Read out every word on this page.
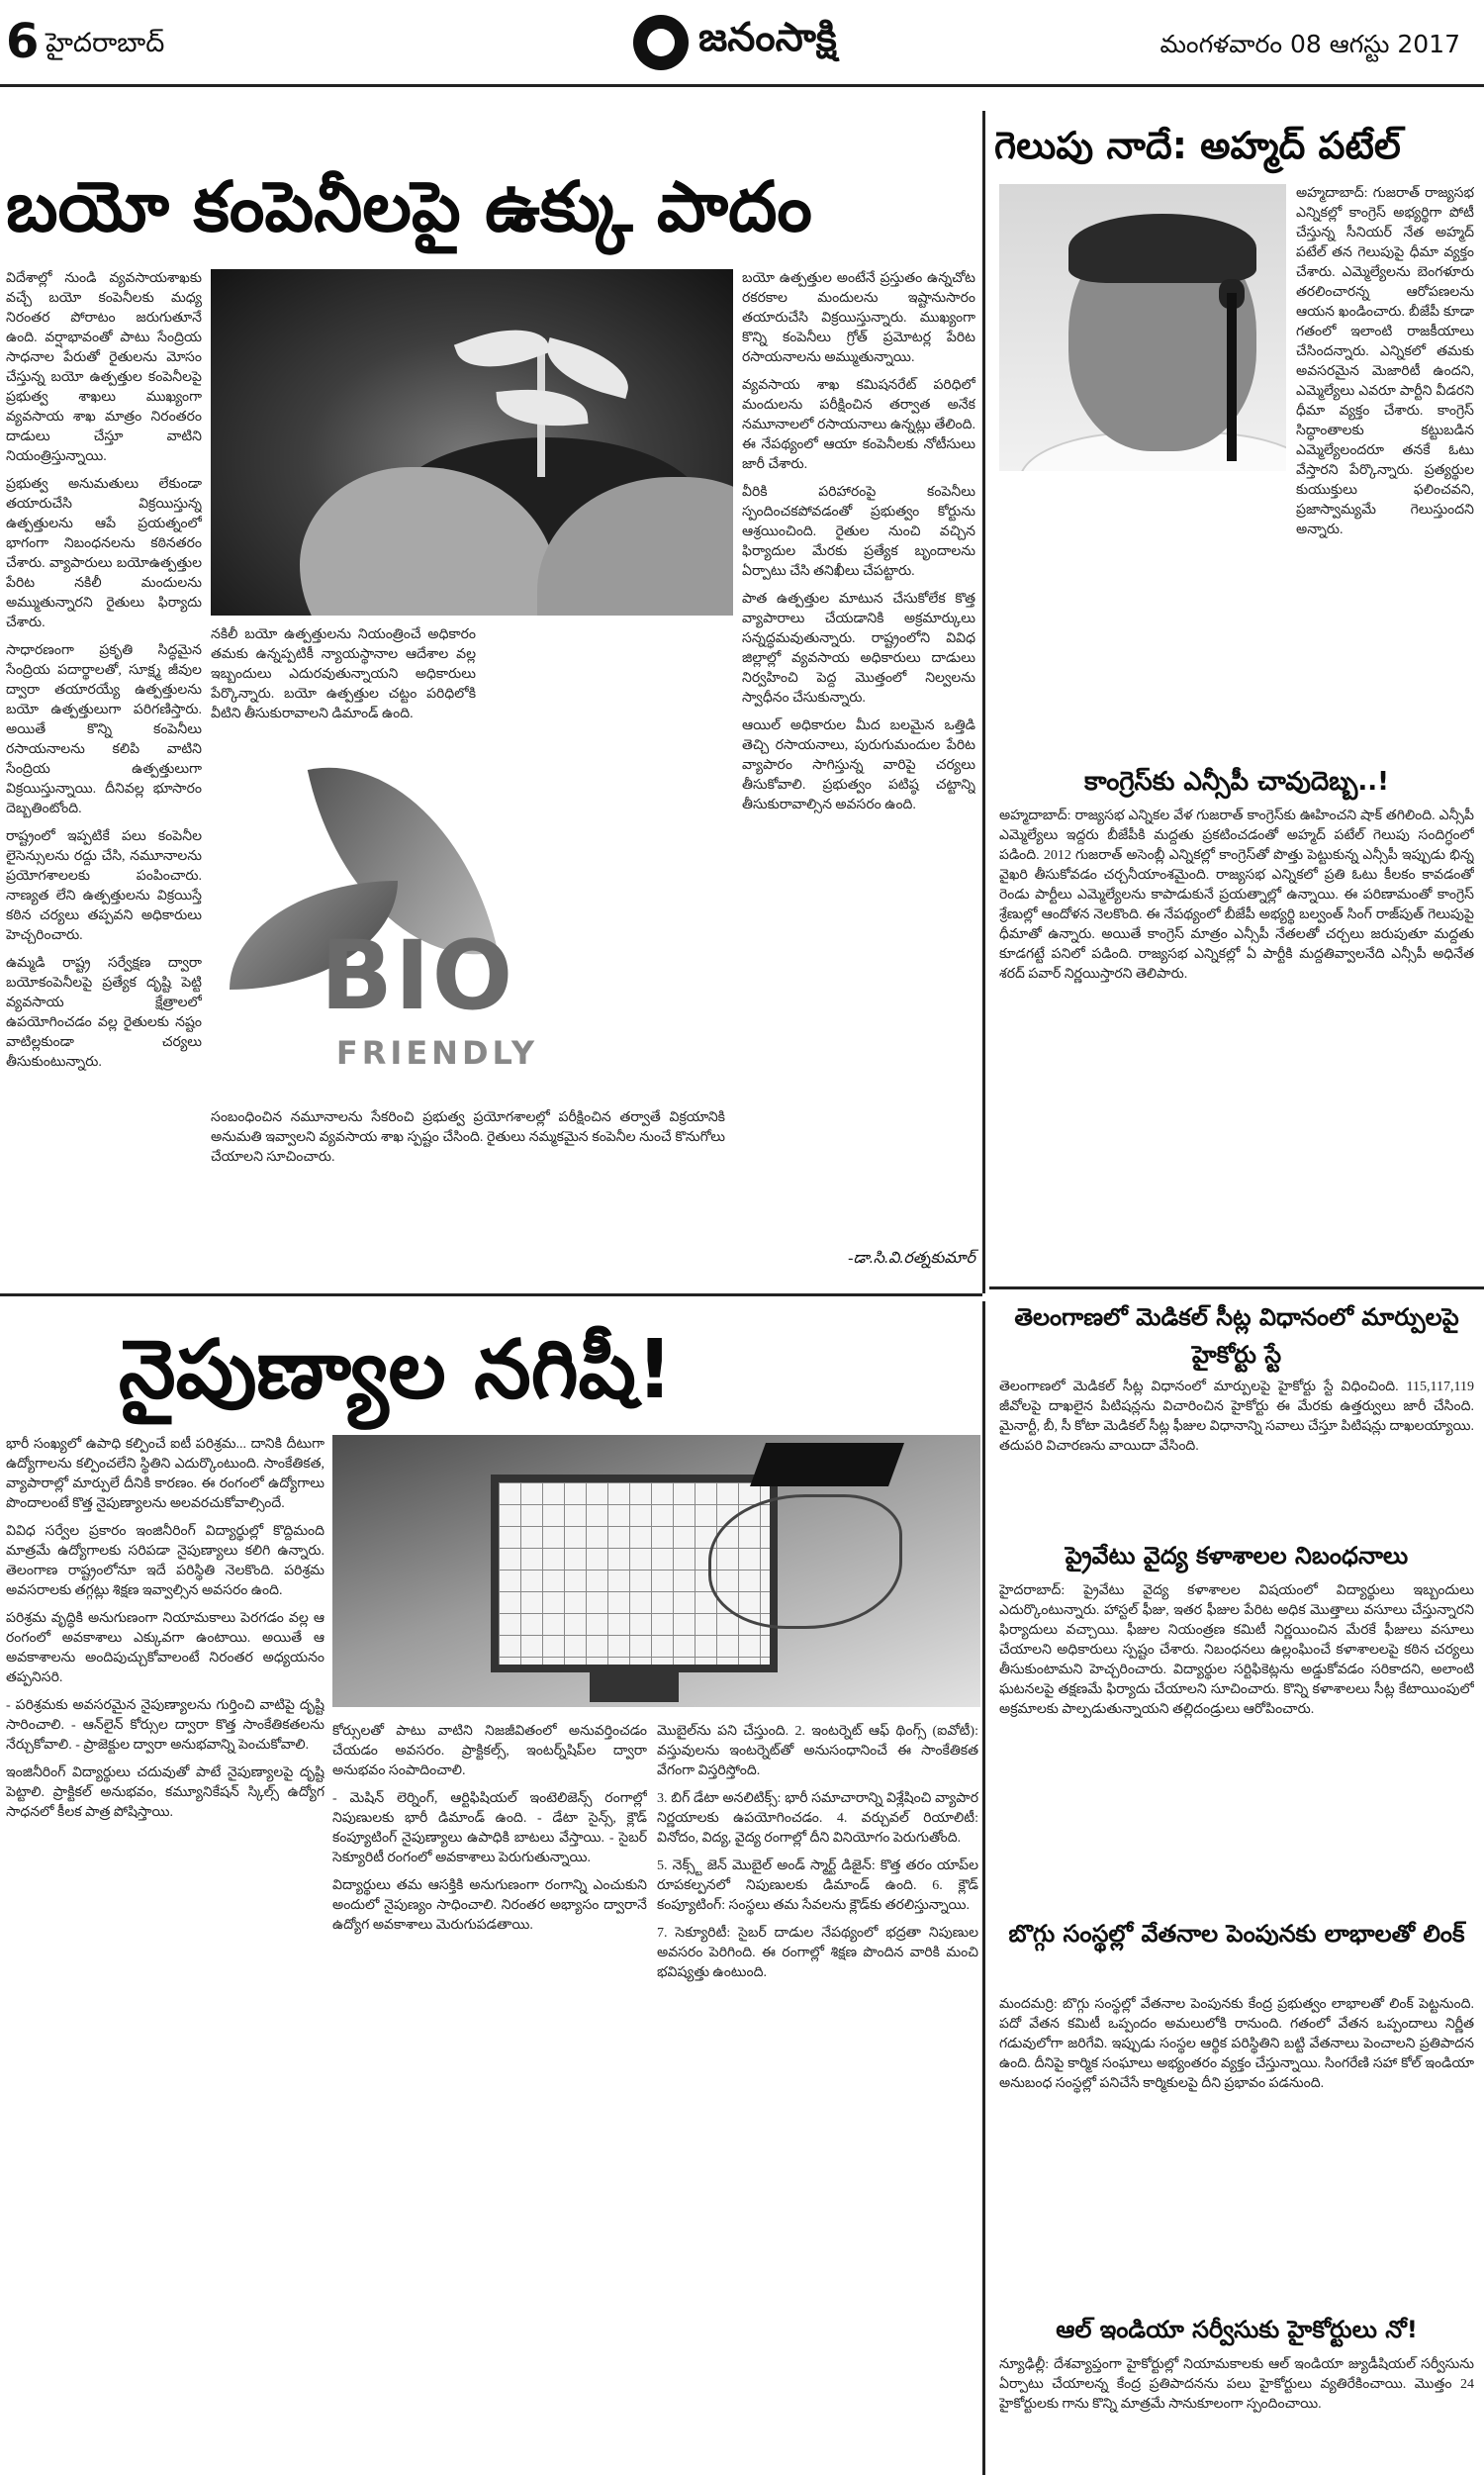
6 హైదరాబాద్	జనంసాక్షి	మంగళవారం 08 ఆగస్టు 2017
బయో కంపెనీలపై ఉక్కు పాదం

విదేశాల్లో నుండి వ్యవసాయశాఖకు వచ్చే బయో కంపెనీలకు మధ్య నిరంతర పోరాటం జరుగుతూనే ఉంది. వర్షాభావంతో పాటు సేంద్రియ సాధనాల పేరుతో రైతులను మోసం చేస్తున్న బయో ఉత్పత్తుల కంపెనీలపై ప్రభుత్వ శాఖలు ముఖ్యంగా వ్యవసాయ శాఖ మాత్రం నిరంతరం దాడులు చేస్తూ వాటిని నియంత్రిస్తున్నాయి.

ప్రభుత్వ అనుమతులు లేకుండా తయారుచేసి విక్రయిస్తున్న ఉత్పత్తులను ఆపే ప్రయత్నంలో భాగంగా నిబంధనలను కఠినతరం చేశారు. వ్యాపారులు బయోఉత్పత్తుల పేరిట నకిలీ మందులను అమ్ముతున్నారని రైతులు ఫిర్యాదు చేశారు.

సాధారణంగా ప్రకృతి సిద్ధమైన సేంద్రియ పదార్థాలతో, సూక్ష్మ జీవుల ద్వారా తయారయ్యే ఉత్పత్తులను బయో ఉత్పత్తులుగా పరిగణిస్తారు. అయితే కొన్ని కంపెనీలు రసాయనాలను కలిపి వాటిని సేంద్రియ ఉత్పత్తులుగా విక్రయిస్తున్నాయి. దీనివల్ల భూసారం దెబ్బతింటోంది.

రాష్ట్రంలో ఇప్పటికే పలు కంపెనీల లైసెన్సులను రద్దు చేసి, నమూనాలను ప్రయోగశాలలకు పంపించారు. నాణ్యత లేని ఉత్పత్తులను విక్రయిస్తే కఠిన చర్యలు తప్పవని అధికారులు హెచ్చరించారు.

ఉమ్మడి రాష్ట్ర సర్వేక్షణ ద్వారా బయోకంపెనీలపై ప్రత్యేక దృష్టి పెట్టి వ్యవసాయ క్షేత్రాలలో ఉపయోగించడం వల్ల రైతులకు నష్టం వాటిల్లకుండా చర్యలు తీసుకుంటున్నారు.

నకిలీ బయో ఉత్పత్తులను నియంత్రించే అధికారం తమకు ఉన్నప్పటికీ న్యాయస్థానాల ఆదేశాల వల్ల ఇబ్బందులు ఎదురవుతున్నాయని అధికారులు పేర్కొన్నారు. బయో ఉత్పత్తుల చట్టం పరిధిలోకి వీటిని తీసుకురావాలని డిమాండ్ ఉంది.

BIO
FRIENDLY

సంబంధించిన నమూనాలను సేకరించి ప్రభుత్వ ప్రయోగశాలల్లో పరీక్షించిన తర్వాతే విక్రయానికి అనుమతి ఇవ్వాలని వ్యవసాయ శాఖ స్పష్టం చేసింది. రైతులు నమ్మకమైన కంపెనీల నుంచే కొనుగోలు చేయాలని సూచించారు.

బయో ఉత్పత్తుల అంటేనే ప్రస్తుతం ఉన్నచోట రకరకాల మందులను ఇష్టానుసారం తయారుచేసి విక్రయిస్తున్నారు. ముఖ్యంగా కొన్ని కంపెనీలు గ్రోత్ ప్రమోటర్ల పేరిట రసాయనాలను అమ్ముతున్నాయి.

వ్యవసాయ శాఖ కమిషనరేట్ పరిధిలో మందులను పరీక్షించిన తర్వాత అనేక నమూనాలలో రసాయనాలు ఉన్నట్లు తేలింది. ఈ నేపథ్యంలో ఆయా కంపెనీలకు నోటీసులు జారీ చేశారు.

వీరికి పరిహారంపై కంపెనీలు స్పందించకపోవడంతో ప్రభుత్వం కోర్టును ఆశ్రయించింది. రైతుల నుంచి వచ్చిన ఫిర్యాదుల మేరకు ప్రత్యేక బృందాలను ఏర్పాటు చేసి తనిఖీలు చేపట్టారు.

పాత ఉత్పత్తుల మాటున చేసుకోలేక కొత్త వ్యాపారాలు చేయడానికి అక్రమార్కులు సన్నద్ధమవుతున్నారు. రాష్ట్రంలోని వివిధ జిల్లాల్లో వ్యవసాయ అధికారులు దాడులు నిర్వహించి పెద్ద మొత్తంలో నిల్వలను స్వాధీనం చేసుకున్నారు.

ఆయిల్ అధికారుల మీద బలమైన ఒత్తిడి తెచ్చి రసాయనాలు, పురుగుమందుల పేరిట వ్యాపారం సాగిస్తున్న వారిపై చర్యలు తీసుకోవాలి. ప్రభుత్వం పటిష్ఠ చట్టాన్ని తీసుకురావాల్సిన అవసరం ఉంది.

-డా.సి.వి.రత్నకుమార్
గెలుపు నాదే: అహ్మద్ పటేల్

అహ్మదాబాద్: గుజరాత్ రాజ్యసభ ఎన్నికల్లో కాంగ్రెస్ అభ్యర్థిగా పోటీ చేస్తున్న సీనియర్ నేత అహ్మద్ పటేల్ తన గెలుపుపై ధీమా వ్యక్తం చేశారు. ఎమ్మెల్యేలను బెంగళూరు తరలించారన్న ఆరోపణలను ఆయన ఖండించారు. బీజేపీ కూడా గతంలో ఇలాంటి రాజకీయాలు చేసిందన్నారు. ఎన్నికలో తమకు అవసరమైన మెజారిటీ ఉందని, ఎమ్మెల్యేలు ఎవరూ పార్టీని వీడరని ధీమా వ్యక్తం చేశారు. కాంగ్రెస్ సిద్ధాంతాలకు కట్టుబడిన ఎమ్మెల్యేలందరూ తనకే ఓటు వేస్తారని పేర్కొన్నారు. ప్రత్యర్థుల కుయుక్తులు ఫలించవని, ప్రజాస్వామ్యమే గెలుస్తుందని అన్నారు.

కాంగ్రెస్‌కు ఎన్సీపీ చావుదెబ్బ..!

అహ్మదాబాద్: రాజ్యసభ ఎన్నికల వేళ గుజరాత్ కాంగ్రెస్‌కు ఊహించని షాక్ తగిలింది. ఎన్సీపీ ఎమ్మెల్యేలు ఇద్దరు బీజేపీకి మద్దతు ప్రకటించడంతో అహ్మద్ పటేల్ గెలుపు సందిగ్ధంలో పడింది. 2012 గుజరాత్ అసెంబ్లీ ఎన్నికల్లో కాంగ్రెస్‌తో పొత్తు పెట్టుకున్న ఎన్సీపీ ఇప్పుడు భిన్న వైఖరి తీసుకోవడం చర్చనీయాంశమైంది. రాజ్యసభ ఎన్నికలో ప్రతి ఓటు కీలకం కావడంతో రెండు పార్టీలు ఎమ్మెల్యేలను కాపాడుకునే ప్రయత్నాల్లో ఉన్నాయి. ఈ పరిణామంతో కాంగ్రెస్ శ్రేణుల్లో ఆందోళన నెలకొంది. ఈ నేపథ్యంలో బీజేపీ అభ్యర్థి బల్వంత్ సింగ్ రాజ్‌పుత్ గెలుపుపై ధీమాతో ఉన్నారు. అయితే కాంగ్రెస్ మాత్రం ఎన్సీపీ నేతలతో చర్చలు జరుపుతూ మద్దతు కూడగట్టే పనిలో పడింది. రాజ్యసభ ఎన్నికల్లో ఏ పార్టీకి మద్దతివ్వాలనేది ఎన్సీపీ అధినేత శరద్ పవార్ నిర్ణయిస్తారని తెలిపారు.

నైపుణ్యాల నగిషీ!

భారీ సంఖ్యలో ఉపాధి కల్పించే ఐటీ పరిశ్రమ... దానికి దీటుగా ఉద్యోగాలను కల్పించలేని స్థితిని ఎదుర్కొంటుంది. సాంకేతికత, వ్యాపారాల్లో మార్పులే దీనికి కారణం. ఈ రంగంలో ఉద్యోగాలు పొందాలంటే కొత్త నైపుణ్యాలను అలవరచుకోవాల్సిందే.

వివిధ సర్వేల ప్రకారం ఇంజినీరింగ్ విద్యార్థుల్లో కొద్దిమంది మాత్రమే ఉద్యోగాలకు సరిపడా నైపుణ్యాలు కలిగి ఉన్నారు. తెలంగాణ రాష్ట్రంలోనూ ఇదే పరిస్థితి నెలకొంది. పరిశ్రమ అవసరాలకు తగ్గట్లు శిక్షణ ఇవ్వాల్సిన అవసరం ఉంది.

పరిశ్రమ వృద్ధికి అనుగుణంగా నియామకాలు పెరగడం వల్ల ఆ రంగంలో అవకాశాలు ఎక్కువగా ఉంటాయి. అయితే ఆ అవకాశాలను అందిపుచ్చుకోవాలంటే నిరంతర అధ్యయనం తప్పనిసరి.

- పరిశ్రమకు అవసరమైన నైపుణ్యాలను గుర్తించి వాటిపై దృష్టి సారించాలి. - ఆన్‌లైన్ కోర్సుల ద్వారా కొత్త సాంకేతికతలను నేర్చుకోవాలి. - ప్రాజెక్టుల ద్వారా అనుభవాన్ని పెంచుకోవాలి.

ఇంజినీరింగ్ విద్యార్థులు చదువుతో పాటే నైపుణ్యాలపై దృష్టి పెట్టాలి. ప్రాక్టికల్ అనుభవం, కమ్యూనికేషన్ స్కిల్స్ ఉద్యోగ సాధనలో కీలక పాత్ర పోషిస్తాయి.

కోర్సులతో పాటు వాటిని నిజజీవితంలో అనువర్తించడం చేయడం అవసరం. ప్రాక్టికల్స్, ఇంటర్న్‌షిప్‌ల ద్వారా అనుభవం సంపాదించాలి.

- మెషిన్ లెర్నింగ్, ఆర్టిఫిషియల్ ఇంటెలిజెన్స్ రంగాల్లో నిపుణులకు భారీ డిమాండ్ ఉంది. - డేటా సైన్స్, క్లౌడ్ కంప్యూటింగ్ నైపుణ్యాలు ఉపాధికి బాటలు వేస్తాయి. - సైబర్ సెక్యూరిటీ రంగంలో అవకాశాలు పెరుగుతున్నాయి.

విద్యార్థులు తమ ఆసక్తికి అనుగుణంగా రంగాన్ని ఎంచుకుని అందులో నైపుణ్యం సాధించాలి. నిరంతర అభ్యాసం ద్వారానే ఉద్యోగ అవకాశాలు మెరుగుపడతాయి.

మొబైల్‌ను పని చేస్తుంది. 2. ఇంటర్నెట్ ఆఫ్ థింగ్స్ (ఐవోటీ): వస్తువులను ఇంటర్నెట్‌తో అనుసంధానించే ఈ సాంకేతికత వేగంగా విస్తరిస్తోంది.

3. బిగ్ డేటా అనలిటిక్స్: భారీ సమాచారాన్ని విశ్లేషించి వ్యాపార నిర్ణయాలకు ఉపయోగించడం. 4. వర్చువల్ రియాలిటీ: వినోదం, విద్య, వైద్య రంగాల్లో దీని వినియోగం పెరుగుతోంది.

5. నెక్స్ట్ జెన్ మొబైల్ అండ్ స్మార్ట్ డిజైన్: కొత్త తరం యాప్‌ల రూపకల్పనలో నిపుణులకు డిమాండ్ ఉంది. 6. క్లౌడ్ కంప్యూటింగ్: సంస్థలు తమ సేవలను క్లౌడ్‌కు తరలిస్తున్నాయి.

7. సెక్యూరిటీ: సైబర్ దాడుల నేపథ్యంలో భద్రతా నిపుణుల అవసరం పెరిగింది. ఈ రంగాల్లో శిక్షణ పొందిన వారికి మంచి భవిష్యత్తు ఉంటుంది.

తెలంగాణలో మెడికల్ సీట్ల విధానంలో మార్పులపై హైకోర్టు స్టే

తెలంగాణలో మెడికల్ సీట్ల విధానంలో మార్పులపై హైకోర్టు స్టే విధించింది. 115,117,119 జీవోలపై దాఖలైన పిటిషన్లను విచారించిన హైకోర్టు ఈ మేరకు ఉత్తర్వులు జారీ చేసింది. మైనార్టీ, బీ, సీ కోటా మెడికల్ సీట్ల ఫీజుల విధానాన్ని సవాలు చేస్తూ పిటిషన్లు దాఖలయ్యాయి. తదుపరి విచారణను వాయిదా వేసింది.

ప్రైవేటు వైద్య కళాశాలల నిబంధనాలు

హైదరాబాద్: ప్రైవేటు వైద్య కళాశాలల విషయంలో విద్యార్థులు ఇబ్బందులు ఎదుర్కొంటున్నారు. హాస్టల్ ఫీజు, ఇతర ఫీజుల పేరిట అధిక మొత్తాలు వసూలు చేస్తున్నారని ఫిర్యాదులు వచ్చాయి. ఫీజుల నియంత్రణ కమిటీ నిర్ణయించిన మేరకే ఫీజులు వసూలు చేయాలని అధికారులు స్పష్టం చేశారు. నిబంధనలు ఉల్లంఘించే కళాశాలలపై కఠిన చర్యలు తీసుకుంటామని హెచ్చరించారు. విద్యార్థుల సర్టిఫికెట్లను అడ్డుకోవడం సరికాదని, అలాంటి ఘటనలపై తక్షణమే ఫిర్యాదు చేయాలని సూచించారు. కొన్ని కళాశాలలు సీట్ల కేటాయింపులో అక్రమాలకు పాల్పడుతున్నాయని తల్లిదండ్రులు ఆరోపించారు.

బొగ్గు సంస్థల్లో వేతనాల పెంపునకు లాభాలతో లింక్

మందమర్రి: బొగ్గు సంస్థల్లో వేతనాల పెంపునకు కేంద్ర ప్రభుత్వం లాభాలతో లింక్ పెట్టనుంది. పదో వేతన కమిటీ ఒప్పందం అమలులోకి రానుంది. గతంలో వేతన ఒప్పందాలు నిర్ణీత గడువులోగా జరిగేవి. ఇప్పుడు సంస్థల ఆర్థిక పరిస్థితిని బట్టి వేతనాలు పెంచాలని ప్రతిపాదన ఉంది. దీనిపై కార్మిక సంఘాలు అభ్యంతరం వ్యక్తం చేస్తున్నాయి. సింగరేణి సహా కోల్ ఇండియా అనుబంధ సంస్థల్లో పనిచేసే కార్మికులపై దీని ప్రభావం పడనుంది.

ఆల్ ఇండియా సర్వీసుకు హైకోర్టులు నో!

న్యూఢిల్లీ: దేశవ్యాప్తంగా హైకోర్టుల్లో నియామకాలకు ఆల్ ఇండియా జ్యుడీషియల్ సర్వీసును ఏర్పాటు చేయాలన్న కేంద్ర ప్రతిపాదనను పలు హైకోర్టులు వ్యతిరేకించాయి. మొత్తం 24 హైకోర్టులకు గాను కొన్ని మాత్రమే సానుకూలంగా స్పందించాయి.
